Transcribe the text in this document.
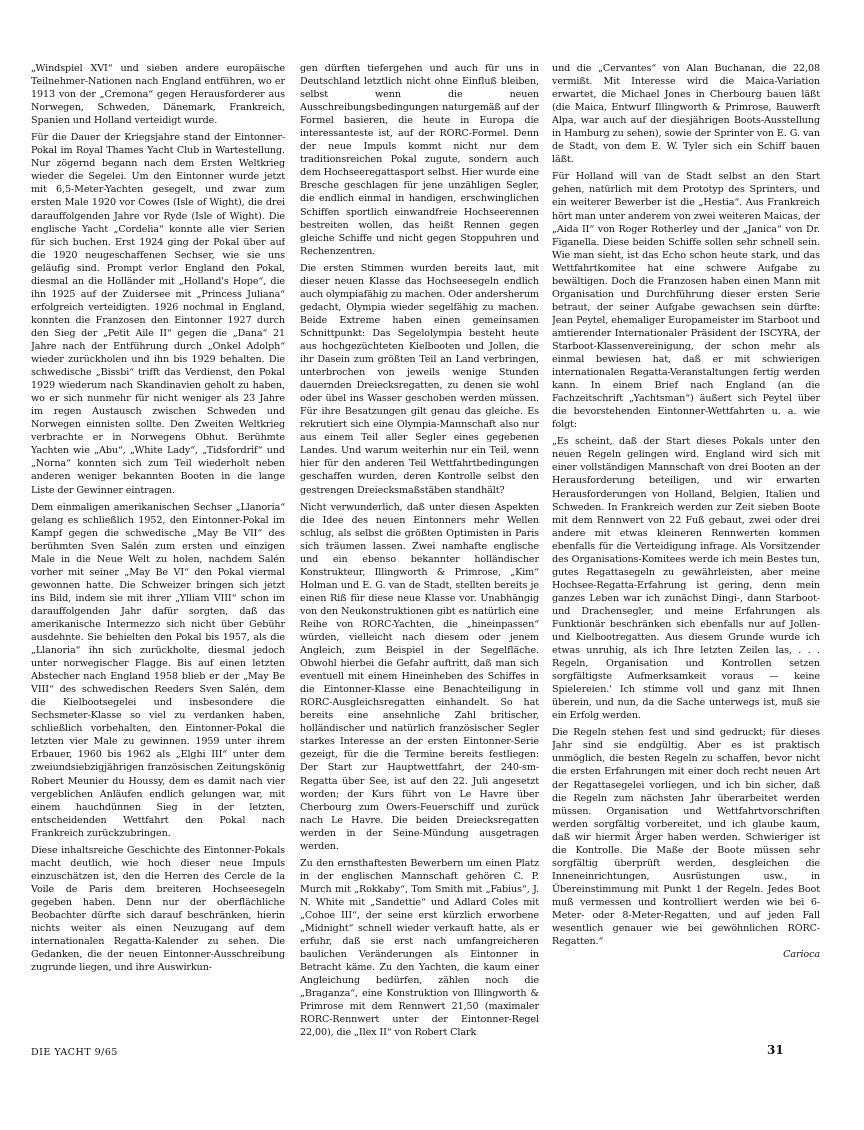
„Windspiel XVI“ und sieben andere europäische Teilnehmer-Nationen nach England entführen, wo er 1913 von der „Cremona“ gegen Herausforderer aus Norwegen, Schweden, Dänemark, Frankreich, Spanien und Holland verteidigt wurde.

Für die Dauer der Kriegsjahre stand der Eintonner-Pokal im Royal Thames Yacht Club in Wartestellung. Nur zögernd begann nach dem Ersten Weltkrieg wieder die Segelei. Um den Eintonner wurde jetzt mit 6,5-Meter-Yachten gesegelt, und zwar zum ersten Male 1920 vor Cowes (Isle of Wight), die drei darauffolgenden Jahre vor Ryde (Isle of Wight). Die englische Yacht „Cordelia“ konnte alle vier Serien für sich buchen. Erst 1924 ging der Pokal über auf die 1920 neugeschaffenen Sechser, wie sie uns geläufig sind. Prompt verlor England den Pokal, diesmal an die Holländer mit „Holland's Hope“, die ihn 1925 auf der Zuidersee mit „Princess Juliana“ erfolgreich verteidigten. 1926 nochmal in England, konnten die Franzosen den Eintonner 1927 durch den Sieg der „Petit Aile II“ gegen die „Dana“ 21 Jahre nach der Entführung durch „Onkel Adolph“ wieder zurückholen und ihn bis 1929 behalten. Die schwedische „Bissbi“ trifft das Verdienst, den Pokal 1929 wiederum nach Skandinavien geholt zu haben, wo er sich nunmehr für nicht weniger als 23 Jahre im regen Austausch zwischen Schweden und Norwegen einnisten sollte. Den Zweiten Weltkrieg verbrachte er in Norwegens Obhut. Berühmte Yachten wie „Abu“, „White Lady“, „Tidsfordrif“ und „Norna“ konnten sich zum Teil wiederholt neben anderen weniger bekannten Booten in die lange Liste der Gewinner eintragen.

Dem einmaligen amerikanischen Sechser „Llanoria“ gelang es schließlich 1952, den Eintonner-Pokal im Kampf gegen die schwedische „May Be VII“ des berühmten Sven Salén zum ersten und einzigen Male in die Neue Welt zu holen, nachdem Salén vorher mit seiner „May Be VI“ den Pokal viermal gewonnen hatte. Die Schweizer bringen sich jetzt ins Bild, indem sie mit ihrer „Ylliam VIII“ schon im darauffolgenden Jahr dafür sorgten, daß das amerikanische Intermezzo sich nicht über Gebühr ausdehnte. Sie behielten den Pokal bis 1957, als die „Llanoria“ ihn sich zurückholte, diesmal jedoch unter norwegischer Flagge. Bis auf einen letzten Abstecher nach England 1958 blieb er der „May Be VIII“ des schwedischen Reeders Sven Salén, dem die Kielbootsegelei und insbesondere die Sechsmeter-Klasse so viel zu verdanken haben, schließlich vorbehalten, den Eintonner-Pokal die letzten vier Male zu gewinnen. 1959 unter ihrem Erbauer, 1960 bis 1962 als „Elghi III“ unter dem zweiundsiebzigjährigen französischen Zeitungskönig Robert Meunier du Houssy, dem es damit nach vier vergeblichen Anläufen endlich gelungen war, mit einem hauchdünnen Sieg in der letzten, entscheidenden Wettfahrt den Pokal nach Frankreich zurückzubringen.

Diese inhaltsreiche Geschichte des Eintonner-Pokals macht deutlich, wie hoch dieser neue Impuls einzuschätzen ist, den die Herren des Cercle de la Voile de Paris dem breiteren Hochseesegeln gegeben haben. Denn nur der oberflächliche Beobachter dürfte sich darauf beschränken, hierin nichts weiter als einen Neuzugang auf dem internationalen Regatta-Kalender zu sehen. Die Gedanken, die der neuen Eintonner-Ausschreibung zugrunde liegen, und ihre Auswirkun-

gen dürften tiefergehen und auch für uns in Deutschland letztlich nicht ohne Einfluß bleiben, selbst wenn die neuen Ausschreibungsbedingungen naturgemäß auf der Formel basieren, die heute in Europa die interessanteste ist, auf der RORC-Formel. Denn der neue Impuls kommt nicht nur dem traditionsreichen Pokal zugute, sondern auch dem Hochseeregattasport selbst. Hier wurde eine Bresche geschlagen für jene unzähligen Segler, die endlich einmal in handigen, erschwinglichen Schiffen sportlich einwandfreie Hochseerennen bestreiten wollen, das heißt Rennen gegen gleiche Schiffe und nicht gegen Stoppuhren und Rechenzentren.

Die ersten Stimmen wurden bereits laut, mit dieser neuen Klasse das Hochseesegeln endlich auch olympiafähig zu machen. Oder andersherum gedacht, Olympia wieder segelfähig zu machen. Beide Extreme haben einen gemeinsamen Schnittpunkt: Das Segelolympia besteht heute aus hochgezüchteten Kielbooten und Jollen, die ihr Dasein zum größten Teil an Land verbringen, unterbrochen von jeweils wenige Stunden dauernden Dreiecksregatten, zu denen sie wohl oder übel ins Wasser geschoben werden müssen. Für ihre Besatzungen gilt genau das gleiche. Es rekrutiert sich eine Olympia-Mannschaft also nur aus einem Teil aller Segler eines gegebenen Landes. Und warum weiterhin nur ein Teil, wenn hier für den anderen Teil Wettfahrtbedingungen geschaffen wurden, deren Kontrolle selbst den gestrengen Dreiecksmaßstäben standhält?

Nicht verwunderlich, daß unter diesen Aspekten die Idee des neuen Eintonners mehr Wellen schlug, als selbst die größten Optimisten in Paris sich träumen lassen. Zwei namhafte englische und ein ebenso bekannter holländischer Konstrukteur, Illingworth & Primrose, „Kim“ Holman und E. G. van de Stadt, stellten bereits je einen Riß für diese neue Klasse vor. Unabhängig von den Neukonstruktionen gibt es natürlich eine Reihe von RORC-Yachten, die „hineinpassen“ würden, vielleicht nach diesem oder jenem Angleich, zum Beispiel in der Segelfläche. Obwohl hierbei die Gefahr auftritt, daß man sich eventuell mit einem Hineinheben des Schiffes in die Eintonner-Klasse eine Benachteiligung in RORC-Ausgleichsregatten einhandelt. So hat bereits eine ansehnliche Zahl britischer, holländischer und natürlich französischer Segler starkes Interesse an der ersten Eintonner-Serie gezeigt, für die die Termine bereits festliegen: Der Start zur Hauptwettfahrt, der 240-sm-Regatta über See, ist auf den 22. Juli angesetzt worden; der Kurs führt von Le Havre über Cherbourg zum Owers-Feuerschiff und zurück nach Le Havre. Die beiden Dreiecksregatten werden in der Seine-Mündung ausgetragen werden.

Zu den ernsthaftesten Bewerbern um einen Platz in der englischen Mannschaft gehören C. P. Murch mit „Rokkaby“, Tom Smith mit „Fabius“, J. N. White mit „Sandettie“ und Adlard Coles mit „Cohoe III“, der seine erst kürzlich erworbene „Midnight“ schnell wieder verkauft hatte, als er erfuhr, daß sie erst nach umfangreicheren baulichen Veränderungen als Eintonner in Betracht käme. Zu den Yachten, die kaum einer Angleichung bedürfen, zählen noch die „Braganza“, eine Konstruktion von Illingworth & Primrose mit dem Rennwert 21,50 (maximaler RORC-Rennwert unter der Eintonner-Regel 22,00), die „Ilex II“ von Robert Clark

und die „Cervantes“ von Alan Buchanan, die 22,08 vermißt. Mit Interesse wird die Maica-Variation erwartet, die Michael Jones in Cherbourg bauen läßt (die Maica, Entwurf Illingworth & Primrose, Bauwerft Alpa, war auch auf der diesjährigen Boots-Ausstellung in Hamburg zu sehen), sowie der Sprinter von E. G. van de Stadt, von dem E. W. Tyler sich ein Schiff bauen läßt.

Für Holland will van de Stadt selbst an den Start gehen, natürlich mit dem Prototyp des Sprinters, und ein weiterer Bewerber ist die „Hestia“. Aus Frankreich hört man unter anderem von zwei weiteren Maicas, der „Aida II“ von Roger Rotherley und der „Janica“ von Dr. Figanella. Diese beiden Schiffe sollen sehr schnell sein. Wie man sieht, ist das Echo schon heute stark, und das Wettfahrtkomitee hat eine schwere Aufgabe zu bewältigen. Doch die Franzosen haben einen Mann mit Organisation und Durchführung dieser ersten Serie betraut, der seiner Aufgabe gewachsen sein dürfte: Jean Peytel, ehemaliger Europameister im Starboot und amtierender Internationaler Präsident der ISCYRA, der Starboot-Klassenvereinigung, der schon mehr als einmal bewiesen hat, daß er mit schwierigen internationalen Regatta-Veranstaltungen fertig werden kann. In einem Brief nach England (an die Fachzeitschrift „Yachtsman“) äußert sich Peytel über die bevorstehenden Eintonner-Wettfahrten u. a. wie folgt:

„Es scheint, daß der Start dieses Pokals unter den neuen Regeln gelingen wird. England wird sich mit einer vollständigen Mannschaft von drei Booten an der Herausforderung beteiligen, und wir erwarten Herausforderungen von Holland, Belgien, Italien und Schweden. In Frankreich werden zur Zeit sieben Boote mit dem Rennwert von 22 Fuß gebaut, zwei oder drei andere mit etwas kleineren Rennwerten kommen ebenfalls für die Verteidigung infrage. Als Vorsitzender des Organisations-Komitees werde ich mein Bestes tun, gutes Regattasegeln zu gewährleisten, aber meine Hochsee-Regatta-Erfahrung ist gering, denn mein ganzes Leben war ich zunächst Dingi-, dann Starboot- und Drachensegler, und meine Erfahrungen als Funktionär beschränken sich ebenfalls nur auf Jollen- und Kielbootregatten. Aus diesem Grunde wurde ich etwas unruhig, als ich Ihre letzten Zeilen las, . . . Regeln, Organisation und Kontrollen setzen sorgfältigste Aufmerksamkeit voraus — keine Spielereien.' Ich stimme voll und ganz mit Ihnen überein, und nun, da die Sache unterwegs ist, muß sie ein Erfolg werden.

Die Regeln stehen fest und sind gedruckt; für dieses Jahr sind sie endgültig. Aber es ist praktisch unmöglich, die besten Regeln zu schaffen, bevor nicht die ersten Erfahrungen mit einer doch recht neuen Art der Regattasegelei vorliegen, und ich bin sicher, daß die Regeln zum nächsten Jahr überarbeitet werden müssen. Organisation und Wettfahrtvorschriften werden sorgfältig vorbereitet, und ich glaube kaum, daß wir hiermit Ärger haben werden. Schwieriger ist die Kontrolle. Die Maße der Boote müssen sehr sorgfältig überprüft werden, desgleichen die Inneneinrichtungen, Ausrüstungen usw., in Übereinstimmung mit Punkt 1 der Regeln. Jedes Boot muß vermessen und kontrolliert werden wie bei 6-Meter- oder 8-Meter-Regatten, und auf jeden Fall wesentlich genauer wie bei gewöhnlichen RORC-Regatten.“

Carioca
DIE YACHT 9/65	31
